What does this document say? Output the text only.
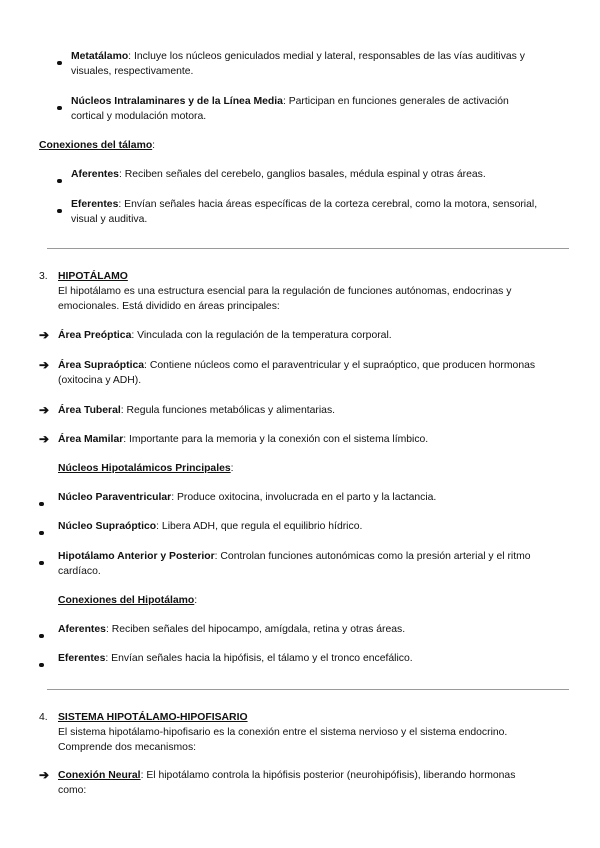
Metatálamo: Incluye los núcleos geniculados medial y lateral, responsables de las vías auditivas y
visuales, respectivamente.
Núcleos Intralaminares y de la Línea Media: Participan en funciones generales de activación
cortical y modulación motora.
Conexiones del tálamo:
Aferentes: Reciben señales del cerebelo, ganglios basales, médula espinal y otras áreas.
Eferentes: Envían señales hacia áreas específicas de la corteza cerebral, como la motora, sensorial,
visual y auditiva.
3. HIPOTÁLAMO
El hipotálamo es una estructura esencial para la regulación de funciones autónomas, endocrinas y
emocionales. Está dividido en áreas principales:
➔ Área Preóptica: Vinculada con la regulación de la temperatura corporal.
➔ Área Supraóptica: Contiene núcleos como el paraventricular y el supraóptico, que producen hormonas
(oxitocina y ADH).
➔ Área Tuberal: Regula funciones metabólicas y alimentarias.
➔ Área Mamilar: Importante para la memoria y la conexión con el sistema límbico.
Núcleos Hipotalámicos Principales:
Núcleo Paraventricular: Produce oxitocina, involucrada en el parto y la lactancia.
Núcleo Supraóptico: Libera ADH, que regula el equilibrio hídrico.
Hipotálamo Anterior y Posterior: Controlan funciones autonómicas como la presión arterial y el ritmo
cardíaco.
Conexiones del Hipotálamo:
Aferentes: Reciben señales del hipocampo, amígdala, retina y otras áreas.
Eferentes: Envían señales hacia la hipófisis, el tálamo y el tronco encefálico.
4. SISTEMA HIPOTÁLAMO-HIPOFISARIO
El sistema hipotálamo-hipofisario es la conexión entre el sistema nervioso y el sistema endocrino.
Comprende dos mecanismos:
➔ Conexión Neural: El hipotálamo controla la hipófisis posterior (neurohipófisis), liberando hormonas
como:
